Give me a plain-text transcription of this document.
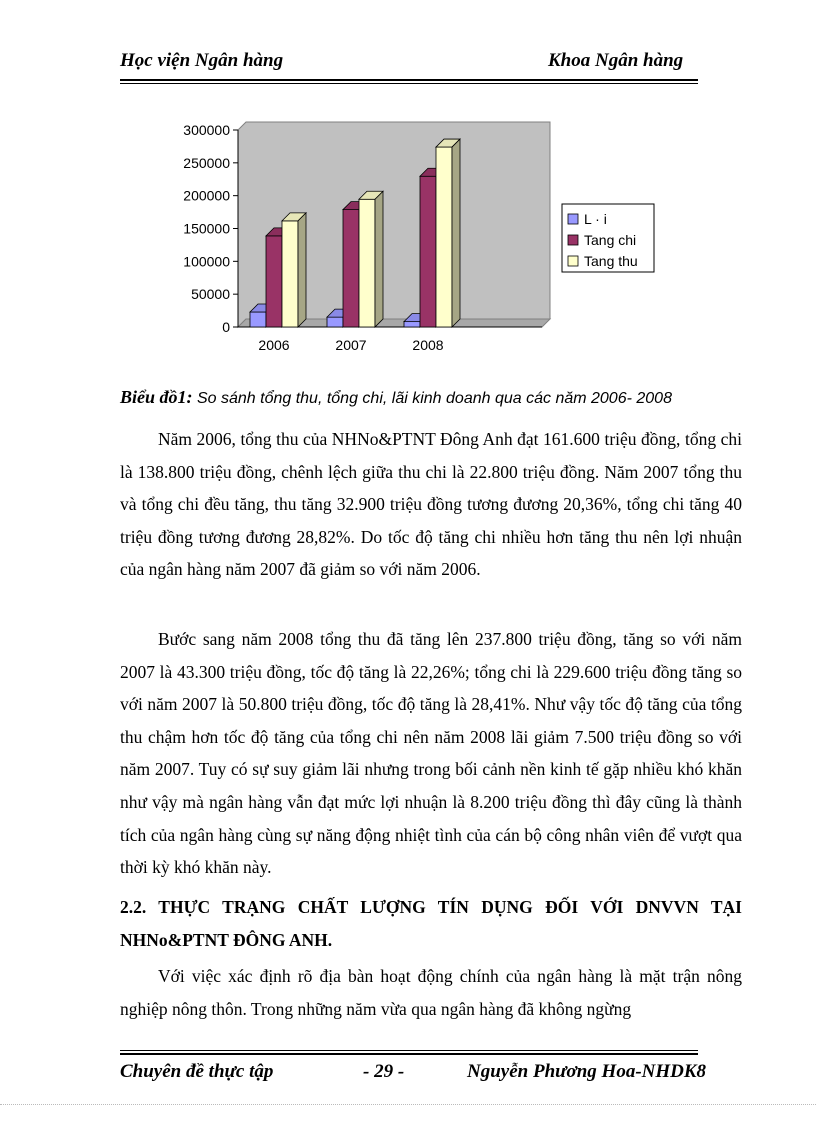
Học viện Ngân hàng	Khoa Ngân hàng
0
50000
100000
150000
200000
250000
300000
2006	2007	2008
L · i
Tang chi
Tang thu
Biểu đồ1: So sánh tổng thu, tổng chi, lãi kinh doanh qua các năm 2006- 2008
Năm 2006, tổng thu của NHNo&PTNT Đông Anh đạt 161.600 triệu đồng, tổng chi là 138.800 triệu đồng, chênh lệch giữa thu chi là 22.800 triệu đồng. Năm 2007 tổng thu và tổng chi đều tăng, thu tăng 32.900 triệu đồng tương đương 20,36%, tổng chi tăng 40 triệu đồng tương đương 28,82%. Do tốc độ tăng chi nhiều hơn tăng thu nên lợi nhuận của ngân hàng năm 2007 đã giảm so với năm 2006.
Bước sang năm 2008 tổng thu đã tăng lên 237.800 triệu đồng, tăng so với năm 2007 là 43.300 triệu đồng, tốc độ tăng là 22,26%; tổng chi là 229.600 triệu đồng tăng so với năm 2007 là 50.800 triệu đồng, tốc độ tăng là 28,41%. Như vậy tốc độ tăng của tổng thu chậm hơn tốc độ tăng của tổng chi nên năm 2008 lãi giảm 7.500 triệu đồng so với năm 2007. Tuy có sự suy giảm lãi nhưng trong bối cảnh nền kinh tế gặp nhiều khó khăn như vậy mà ngân hàng vẫn đạt mức lợi nhuận là 8.200 triệu đồng thì đây cũng là thành tích của ngân hàng cùng sự năng động nhiệt tình của cán bộ công nhân viên để vượt qua thời kỳ khó khăn này.
2.2. THỰC TRẠNG CHẤT LƯỢNG TÍN DỤNG ĐỐI VỚI DNVVN TẠI NHNo&PTNT ĐÔNG ANH.
Với việc xác định rõ địa bàn hoạt động chính của ngân hàng là mặt trận nông nghiệp nông thôn. Trong những năm vừa qua ngân hàng đã không ngừng
Chuyên đề thực tập	- 29 -	Nguyễn Phương Hoa-NHDK8
